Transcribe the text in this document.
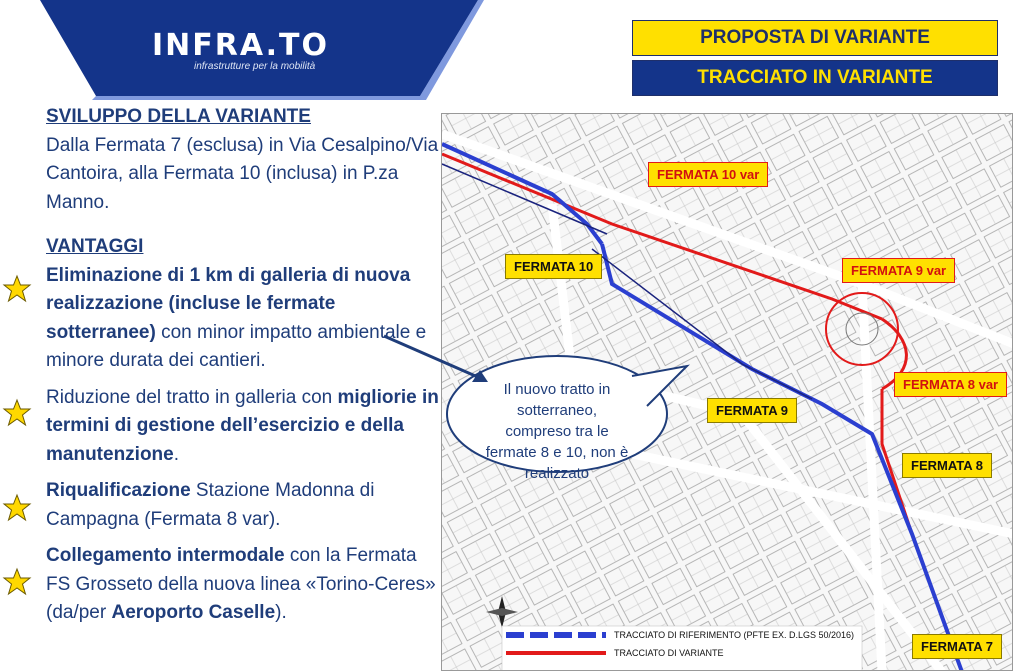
INFRA.TO
infrastrutture per la mobilità
PROPOSTA DI VARIANTE
TRACCIATO IN VARIANTE

SVILUPPO DELLA VARIANTE

Dalla Fermata 7 (esclusa) in Via Cesalpino/Via Cantoira, alla Fermata 10 (inclusa) in P.za Manno.

VANTAGGI

Eliminazione di 1 km di galleria di nuova realizzazione (incluse le fermate sotterranee) con minor impatto ambientale e minore durata dei cantieri.

Riduzione del tratto in galleria con migliorie in termini di gestione dell’esercizio e della manutenzione.

Riqualificazione Stazione Madonna di Campagna (Fermata 8 var).

Collegamento intermodale con la Fermata FS Grosseto della nuova linea «Torino-Ceres» (da/per Aeroporto Caselle).

FERMATA 10 var
FERMATA 10	FERMATA 9 var
FERMATA 8 var
FERMATA 9
FERMATA 8
FERMATA 7
Il nuovo tratto in sotterraneo, compreso tra le fermate 8 e 10, non è realizzato
TRACCIATO DI RIFERIMENTO (PFTE EX. D.LGS 50/2016)
TRACCIATO DI VARIANTE
